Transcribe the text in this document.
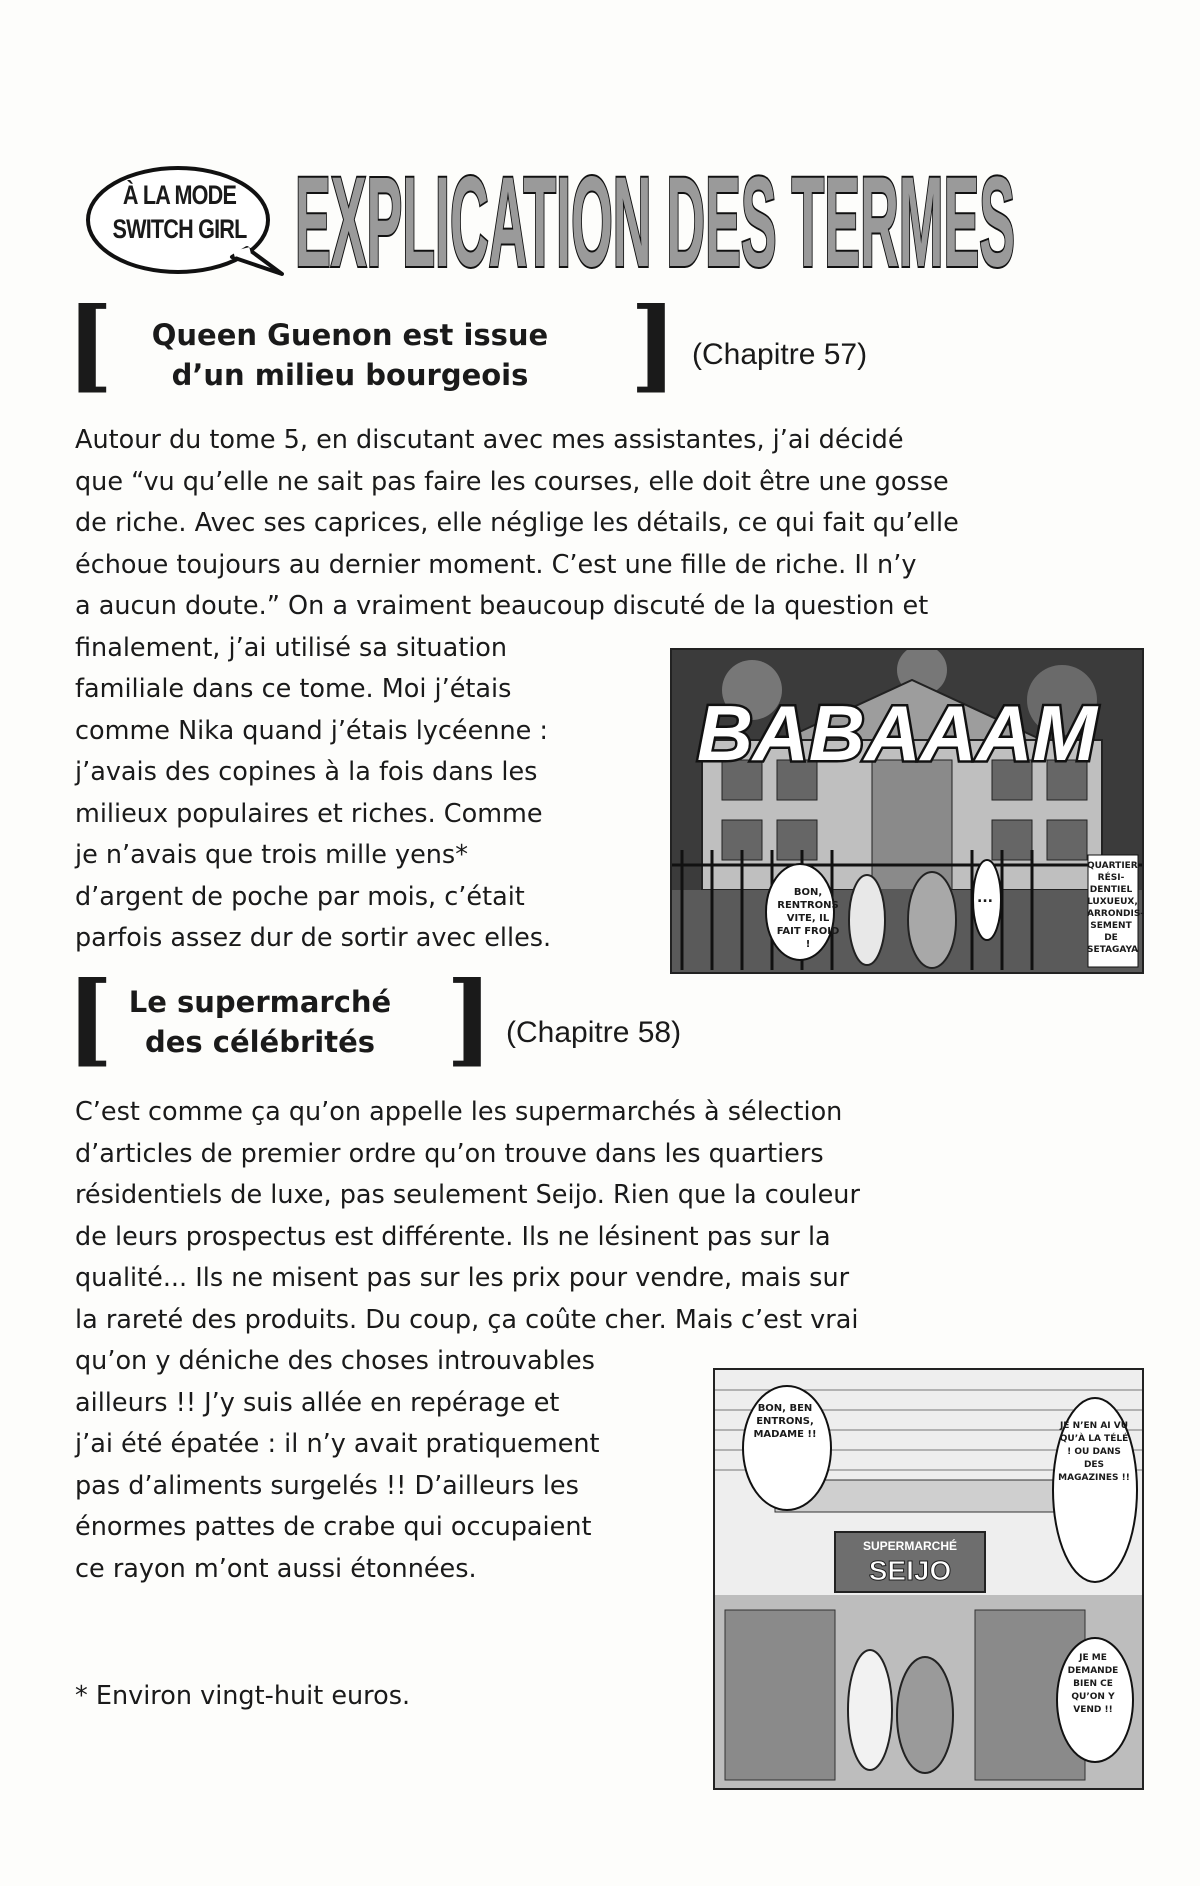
À LA MODE
SWITCH GIRL EXPLICATION DES TERMES
[	Queen Guenon est issue
d’un milieu bourgeois	] (Chapitre 57)

Autour du tome 5, en discutant avec mes assistantes, j’ai décidé

que “vu qu’elle ne sait pas faire les courses, elle doit être une gosse

de riche. Avec ses caprices, elle néglige les détails, ce qui fait qu’elle

échoue toujours au dernier moment. C’est une fille de riche. Il n’y

a aucun doute.” On a vraiment beaucoup discuté de la question et

finalement, j’ai utilisé sa situation

familiale dans ce tome. Moi j’étais

comme Nika quand j’étais lycéenne :

j’avais des copines à la fois dans les

milieux populaires et riches. Comme

je n’avais que trois mille yens*

d’argent de poche par mois, c’était

parfois assez dur de sortir avec elles.

BABAAAM
BON, RENTRONS VITE, IL FAIT FROID !
...
QUARTIER RÉSI-DENTIEL LUXUEUX, ARRONDIS-SEMENT DE SETAGAYA
[ Le supermarché
des célébrités ] (Chapitre 58)

C’est comme ça qu’on appelle les supermarchés à sélection

d’articles de premier ordre qu’on trouve dans les quartiers

résidentiels de luxe, pas seulement Seijo. Rien que la couleur

de leurs prospectus est différente. Ils ne lésinent pas sur la

qualité... Ils ne misent pas sur les prix pour vendre, mais sur

la rareté des produits. Du coup, ça coûte cher. Mais c’est vrai

qu’on y déniche des choses introuvables

ailleurs !! J’y suis allée en repérage et

j’ai été épatée : il n’y avait pratiquement

pas d’aliments surgelés !! D’ailleurs les

énormes pattes de crabe qui occupaient

ce rayon m’ont aussi étonnées.

SUPERMARCHÉ
SEIJO
BON, BEN ENTRONS, MADAME !!
JE N’EN AI VU QU’À LA TÉLÉ ! OU DANS DES MAGAZINES !!
JE ME DEMANDE BIEN CE QU’ON Y VEND !!
* Environ vingt-huit euros.
